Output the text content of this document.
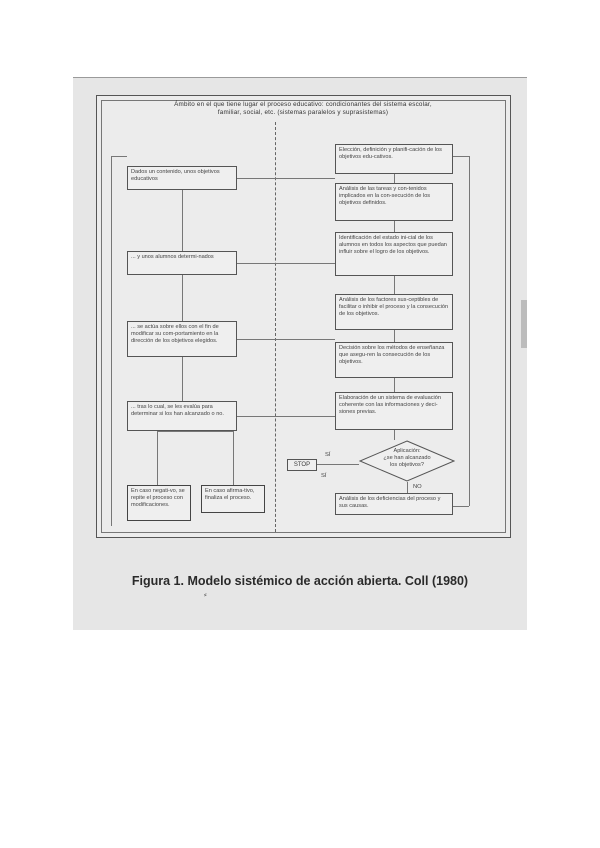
Ámbito en el que tiene lugar el proceso educativo: condicionantes del sistema escolar,
familiar, social, etc. (sistemas paralelos y suprasistemas)
Dados un contenido, unos objetivos educativos
... y unos alumnos determi-nados
... se actúa sobre ellos con el fin de modificar su com-portamiento en la dirección de los objetivos elegidos.
... tras lo cual, se les evalúa para determinar si los han alcanzado o no.
En caso negati-vo, se repite el proceso con modificaciones.
En caso afirma-tivo, finaliza el proceso.
Elección, definición y planifi-cación de los objetivos edu-cativos.
Análisis de las tareas y con-tenidos implicados en la con-secución de los objetivos definidos.
Identificación del estado ini-cial de los alumnos en todos los aspectos que puedan influir sobre el logro de los objetivos.
Análisis de los factores sus-ceptibles de facilitar o inhibir el proceso y la consecución de los objetivos.
Decisión sobre los métodos de enseñanza que asegu-ren la consecución de los objetivos.
Elaboración de un sistema de evaluación coherente con las informaciones y deci-siones previas.
Análisis de los deficiencias del proceso y sus causas.
Aplicación:
¿se han alcanzado
los objetivos?
STOP
SÍ
SÍ
NO
Figura 1. Modelo sistémico de acción abierta. Coll (1980)
⸗
